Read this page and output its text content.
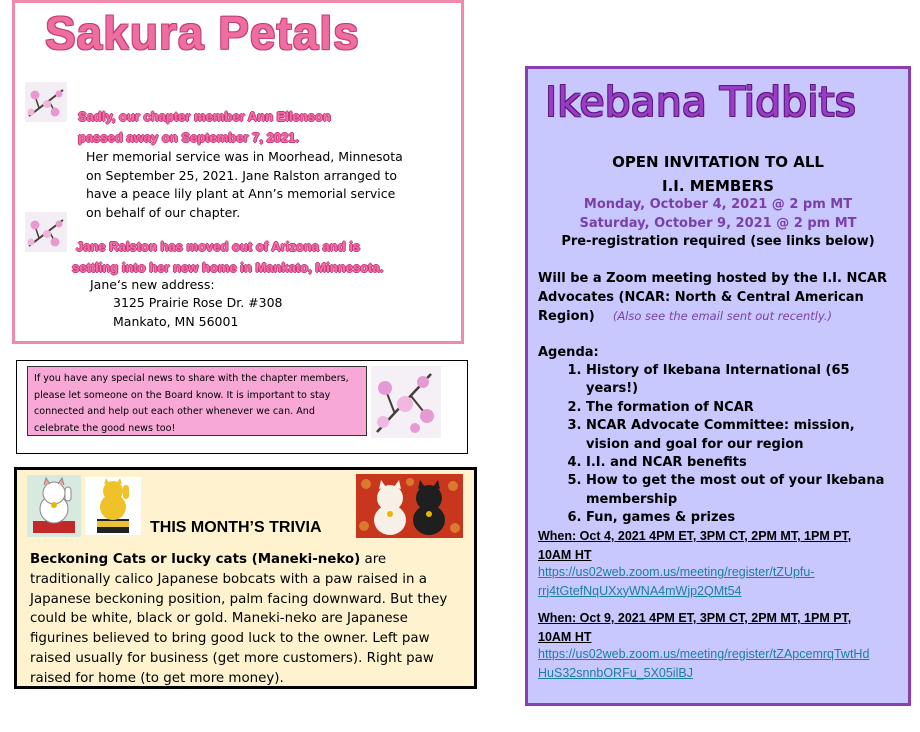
Sakura Petals
Sadly, our chapter member Ann Ellenson
passed away on September 7, 2021.
Her memorial service was in Moorhead, Minnesota
on September 25, 2021. Jane Ralston arranged to
have a peace lily plant at Ann’s memorial service
on behalf of our chapter.
Jane Ralston has moved out of Arizona and is
settling into her new home in Mankato, Minnesota.
Jane‘s new address:
3125 Prairie Rose Dr. #308
Mankato, MN 56001
If you have any special news to share with the chapter members,
please let someone on the Board know. It is important to stay
connected and help out each other whenever we can. And
celebrate the good news too!
THIS MONTH’S TRIVIA
Beckoning Cats or lucky cats (Maneki-neko) are traditionally calico Japanese bobcats with a paw raised in a Japanese beckoning position, palm facing downward. But they could be white, black or gold. Maneki-neko are Japanese figurines believed to bring good luck to the owner. Left paw raised usually for business (get more customers). Right paw raised for home (to get more money).
Ikebana Tidbits
OPEN INVITATION TO ALL
I.I. MEMBERS
Monday, October 4, 2021 @ 2 pm MT
Saturday, October 9, 2021 @ 2 pm MT
Pre-registration required (see links below)
Will be a Zoom meeting hosted by the I.I. NCAR
Advocates (NCAR: North & Central American
Region) (Also see the email sent out recently.)
Agenda:
1. History of Ikebana International (65 years!)
2. The formation of NCAR
3. NCAR Advocate Committee: mission, vision and goal for our region
4. I.I. and NCAR benefits
5. How to get the most out of your Ikebana membership
6. Fun, games & prizes
When: Oct 4, 2021 4PM ET, 3PM CT, 2PM MT, 1PM PT,
10AM HT
https://us02web.zoom.us/meeting/register/tZUpfu-
rrj4tGtefNqUXxyWNA4mWjp2QMt54
When: Oct 9, 2021 4PM ET, 3PM CT, 2PM MT, 1PM PT,
10AM HT
https://us02web.zoom.us/meeting/register/tZApcemrqTwtHd
HuS32snnbORFu_5X05ilBJ
